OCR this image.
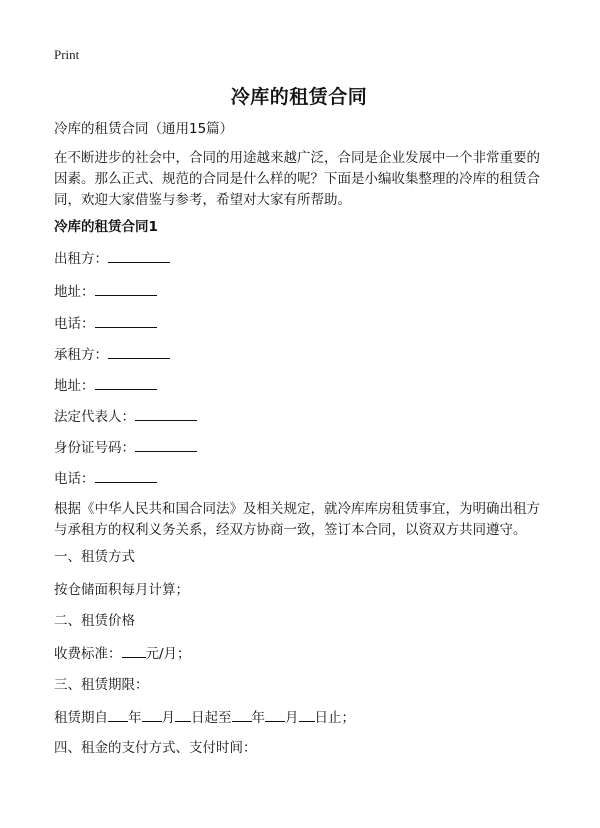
Print
冷库的租赁合同
冷库的租赁合同（通用15篇）
在不断进步的社会中，合同的用途越来越广泛，合同是企业发展中一个非常重要的因素。那么正式、规范的合同是什么样的呢？下面是小编收集整理的冷库的租赁合同，欢迎大家借鉴与参考，希望对大家有所帮助。
冷库的租赁合同1
出租方：
地址：
电话：
承租方：
地址：
法定代表人：
身份证号码：
电话：
根据《中华人民共和国合同法》及相关规定，就冷库库房租赁事宜，为明确出租方与承租方的权利义务关系，经双方协商一致，签订本合同，以资双方共同遵守。
一、租赁方式
按仓储面积每月计算；
二、租赁价格
收费标准： 元/月；
三、租赁期限：
租赁期自 年 月 日起至 年 月 日止；
四、租金的支付方式、支付时间：
